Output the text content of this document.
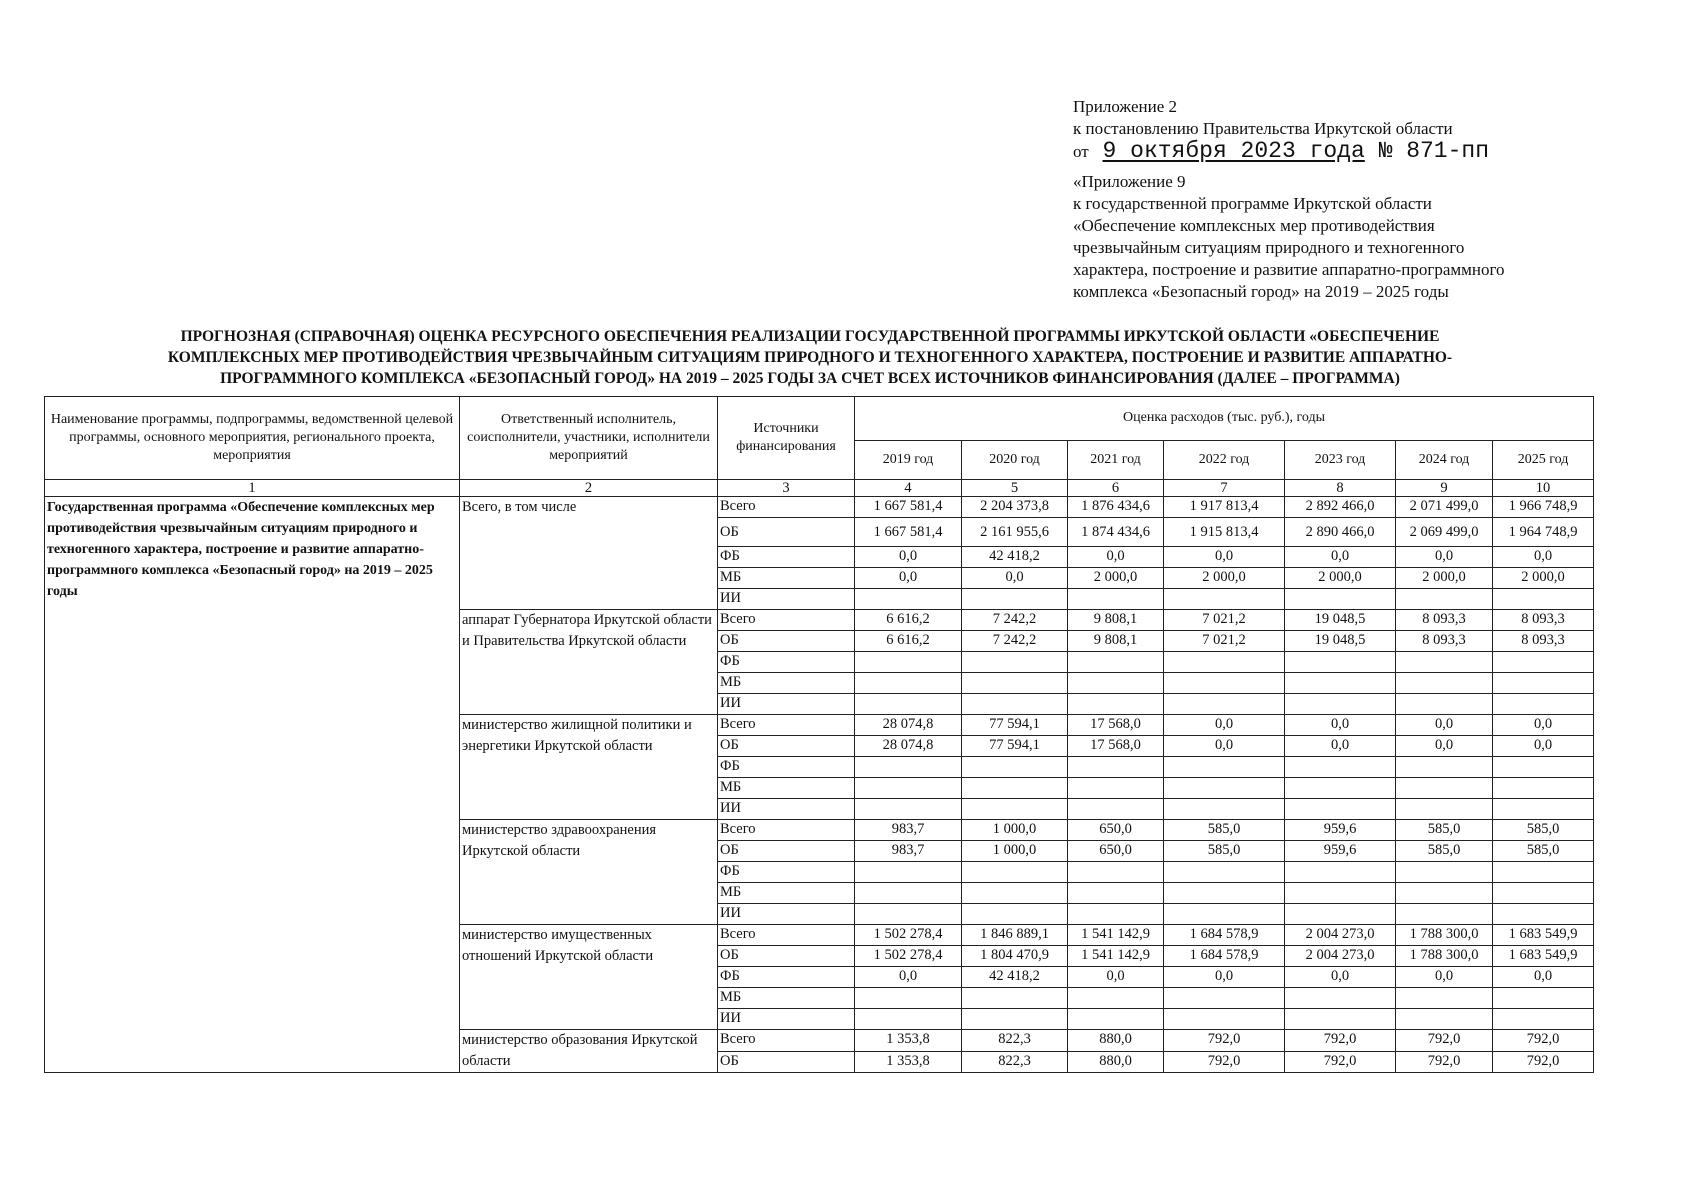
Приложение 2
к постановлению Правительства Иркутской области
от 9 октября 2023 года № 871-пп
«Приложение 9
к государственной программе Иркутской области
«Обеспечение комплексных мер противодействия
чрезвычайным ситуациям природного и техногенного
характера, построение и развитие аппаратно-программного
комплекса «Безопасный город» на 2019 – 2025 годы
ПРОГНОЗНАЯ (СПРАВОЧНАЯ) ОЦЕНКА РЕСУРСНОГО ОБЕСПЕЧЕНИЯ РЕАЛИЗАЦИИ ГОСУДАРСТВЕННОЙ ПРОГРАММЫ ИРКУТСКОЙ ОБЛАСТИ «ОБЕСПЕЧЕНИЕ
КОМПЛЕКСНЫХ МЕР ПРОТИВОДЕЙСТВИЯ ЧРЕЗВЫЧАЙНЫМ СИТУАЦИЯМ ПРИРОДНОГО И ТЕХНОГЕННОГО ХАРАКТЕРА, ПОСТРОЕНИЕ И РАЗВИТИЕ АППАРАТНО-
ПРОГРАММНОГО КОМПЛЕКСА «БЕЗОПАСНЫЙ ГОРОД» НА 2019 – 2025 ГОДЫ ЗА СЧЕТ ВСЕХ ИСТОЧНИКОВ ФИНАНСИРОВАНИЯ (ДАЛЕЕ – ПРОГРАММА)
Наименование программы, подпрограммы, ведомственной целевой программы, основного мероприятия, регионального проекта, мероприятия	Ответственный исполнитель, соисполнители, участники, исполнители мероприятий	Источники финансирования	Оценка расходов (тыс. руб.), годы						
			2019 год	2020 год	2021 год	2022 год	2023 год	2024 год	2025 год
1	2	3	4	5	6	7	8	9	10
Государственная программа «Обеспечение комплексных мер противодействия чрезвычайным ситуациям природного и техногенного характера, построение и развитие аппаратно-программного комплекса «Безопасный город» на 2019 – 2025 годы	Всего, в том числе	Всего	1 667 581,4	2 204 373,8	1 876 434,6	1 917 813,4	2 892 466,0	2 071 499,0	1 966 748,9
		ОБ	1 667 581,4	2 161 955,6	1 874 434,6	1 915 813,4	2 890 466,0	2 069 499,0	1 964 748,9
		ФБ	0,0	42 418,2	0,0	0,0	0,0	0,0	0,0
		МБ	0,0	0,0	2 000,0	2 000,0	2 000,0	2 000,0	2 000,0
		ИИ							
	аппарат Губернатора Иркутской области и Правительства Иркутской области	Всего	6 616,2	7 242,2	9 808,1	7 021,2	19 048,5	8 093,3	8 093,3
		ОБ	6 616,2	7 242,2	9 808,1	7 021,2	19 048,5	8 093,3	8 093,3
		ФБ							
		МБ							
		ИИ							
	министерство жилищной политики и энергетики Иркутской области	Всего	28 074,8	77 594,1	17 568,0	0,0	0,0	0,0	0,0
		ОБ	28 074,8	77 594,1	17 568,0	0,0	0,0	0,0	0,0
		ФБ							
		МБ							
		ИИ							
	министерство здравоохранения Иркутской области	Всего	983,7	1 000,0	650,0	585,0	959,6	585,0	585,0
		ОБ	983,7	1 000,0	650,0	585,0	959,6	585,0	585,0
		ФБ							
		МБ							
		ИИ							
	министерство имущественных отношений Иркутской области	Всего	1 502 278,4	1 846 889,1	1 541 142,9	1 684 578,9	2 004 273,0	1 788 300,0	1 683 549,9
		ОБ	1 502 278,4	1 804 470,9	1 541 142,9	1 684 578,9	2 004 273,0	1 788 300,0	1 683 549,9
		ФБ	0,0	42 418,2	0,0	0,0	0,0	0,0	0,0
		МБ							
		ИИ							
	министерство образования Иркутской области	Всего	1 353,8	822,3	880,0	792,0	792,0	792,0	792,0
		ОБ	1 353,8	822,3	880,0	792,0	792,0	792,0	792,0
